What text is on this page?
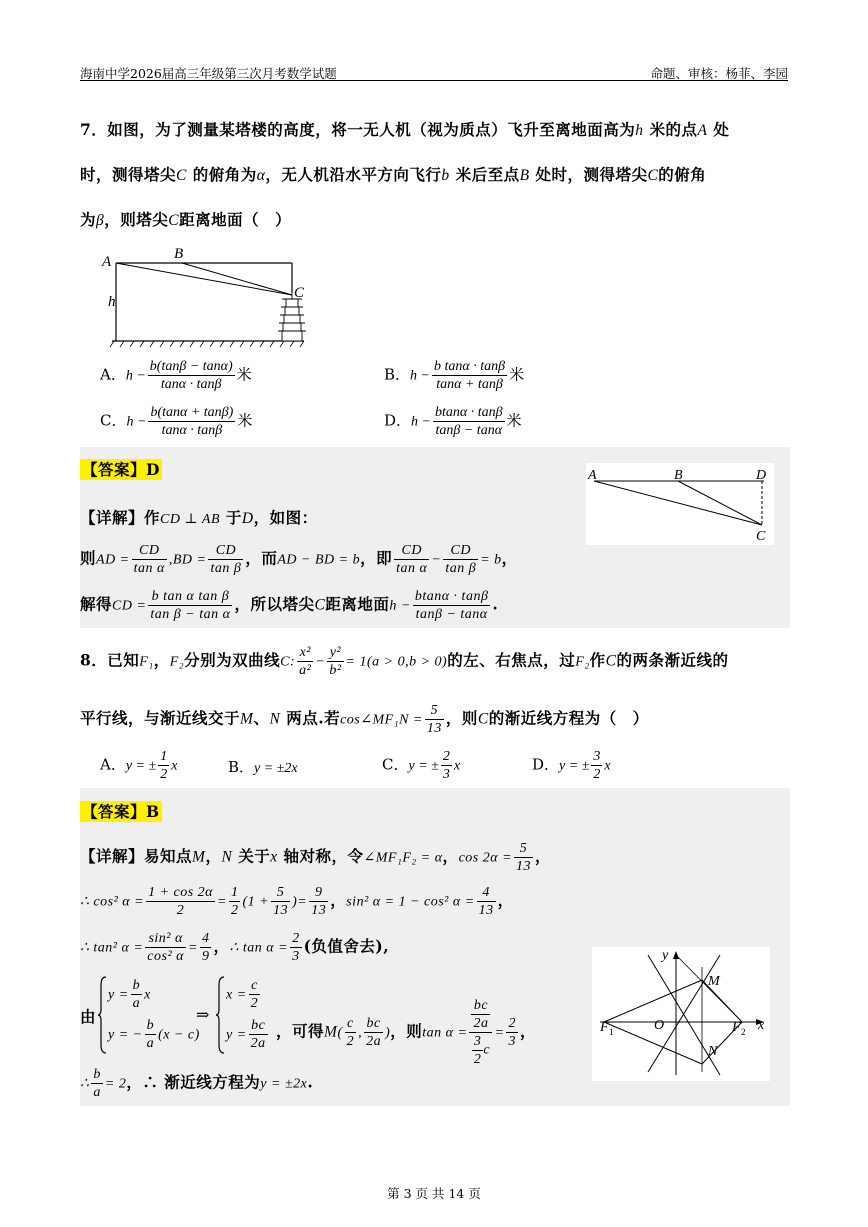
海南中学2026届高三年级第三次月考数学试题	命题、审核：杨菲、李园
7．如图，为了测量某塔楼的高度，将一无人机（视为质点）飞升至离地面高为h 米的点A 处
时，测得塔尖C 的俯角为α，无人机沿水平方向飞行b 米后至点B 处时，测得塔尖C的俯角
为β，则塔尖C距离地面（　）
A	B
C
h
A．$h - \frac{b(\tan\beta - \tan\alpha)}{\tan\alpha \cdot \tan\beta}$ 米	B．$h - \frac{\text{b tanα · tanβ}}{\tan\alpha + \tan\beta}$ 米
C．$h - \frac{b(\tan\alpha + \tan\beta)}{\tan\alpha \cdot \tan\beta}$ 米	D．$h - \frac{btan\alpha \cdot \tan\beta}{\tan\beta - \tan\alpha}$ 米
【答案】D
【详解】作CD ⊥ AB 于D，如图：
则AD = $\frac{CD}{\text{tan α}} ,BD = \frac{CD}{\text{tan β}}$ ，而AD − BD = b，即 $\frac{CD}{\text{tan α}} - \frac{CD}{\text{tan β}} = b$，
解得CD = $\frac{\text{b tan α tan β}}{\text{tan β − tan α}}$ ，所以塔尖C距离地面$h - \frac{btan\alpha \cdot \tan\beta}{\tan\beta - \tan\alpha}$ .
A	B	D
C
8．已知F₁，F₂分别为双曲线C: $\frac{\text{x²}}{\text{a²}} - \frac{\text{y²}}{\text{b²}} = 1(a > 0,b > 0)$的左、右焦点，过F₂作C的两条渐近线的
平行线，与渐近线交于M、N 两点.若cos∠MF₁N = $\frac{5}{13}$ ，则C的渐近线方程为（　）
A．y = ± $\frac{1}{2}$ x	B．y = ±2x	C．y = ± $\frac{2}{3}$ x	D．y = ± $\frac{3}{2}$ x
【答案】B
【详解】易知点M，N 关于x 轴对称，令∠MF₁F₂ = α，$\cos 2\alpha = \frac{5}{13}$ ，
∴ cos² $\alpha = \frac{1 + \cos 2\alpha}{2} = \frac{1}{2} (1 + \frac{5}{13}$ )= $\frac{9}{13}$ ，sin² α = 1 − cos² $\alpha = \frac{4}{13}$ ，
∴ tan² $\alpha = \frac{\text{sin² α}}{\text{cos² α}} = \frac{4}{9}$ ，∴ $\tan \alpha = \frac{2}{3}$ (负值舍去),
由
$y = \frac{b}{a}$ x
y = − $\frac{b}{a} (x - c)$
⇒
$x = \frac{c}{2}$
$y = \frac{bc}{2a}$ ，可得$M( \frac{c}{2}$ , $\frac{bc}{2a}$ )，则$\tan \alpha = \frac{\frac{bc}{2a}}{\frac{3}{2} c} = \frac{2}{3}$ ，
∴ $\frac{b}{a} = 2$，∴ 渐近线方程为y = ±2x.
y
x
M
N
O
F 1	F 2
第 3 页 共 14 页
